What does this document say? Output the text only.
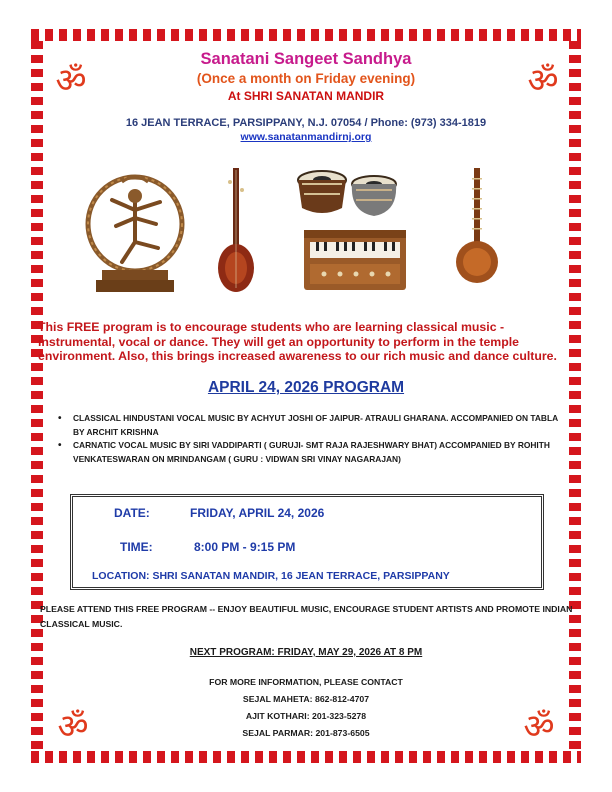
ॐ	ॐ
ॐ	ॐ
Sanatani Sangeet Sandhya
(Once a month on Friday evening)
At SHRI SANATAN MANDIR
16 JEAN TERRACE, PARSIPPANY, N.J. 07054 / Phone: (973) 334-1819
www.sanatanmandirnj.org
This FREE program is to encourage students who are learning classical music - instrumental, vocal or dance. They will get an opportunity to perform in the temple environment. Also, this brings increased awareness to our rich music and dance culture.
APRIL 24, 2026 PROGRAM
• CLASSICAL HINDUSTANI VOCAL MUSIC BY ACHYUT JOSHI OF JAIPUR- ATRAULI GHARANA. ACCOMPANIED ON TABLA BY ARCHIT KRISHNA
• CARNATIC VOCAL MUSIC BY SIRI VADDIPARTI ( GURUJI- SMT RAJA RAJESHWARY BHAT) ACCOMPANIED BY ROHITH VENKATESWARAN ON MRINDANGAM ( GURU : VIDWAN SRI VINAY NAGARAJAN)
DATE:	FRIDAY, APRIL 24, 2026
TIME:	8:00 PM - 9:15 PM
LOCATION: SHRI SANATAN MANDIR, 16 JEAN TERRACE, PARSIPPANY
PLEASE ATTEND THIS FREE PROGRAM -- ENJOY BEAUTIFUL MUSIC, ENCOURAGE STUDENT ARTISTS AND PROMOTE INDIAN CLASSICAL MUSIC.
NEXT PROGRAM: FRIDAY, MAY 29, 2026 AT 8 PM
FOR MORE INFORMATION, PLEASE CONTACT
SEJAL MAHETA: 862-812-4707
AJIT KOTHARI: 201-323-5278
SEJAL PARMAR: 201-873-6505
